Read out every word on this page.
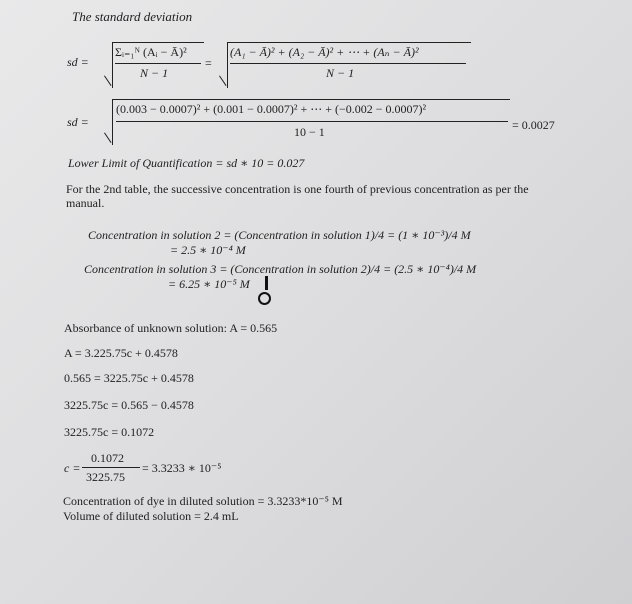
The standard deviation
sd =
Σᵢ₌₁ᴺ (Aᵢ − Ā)²
N − 1
=
(A₁ − Ā)² + (A₂ − Ā)² + ⋯ + (Aₙ − Ā)²
N − 1
sd =
(0.003 − 0.0007)² + (0.001 − 0.0007)² + ⋯ + (−0.002 − 0.0007)²
10 − 1	= 0.0027
Lower Limit of Quantification = sd ∗ 10 = 0.027
For the 2nd table, the successive concentration is one fourth of previous concentration as per the
manual.
Concentration in solution 2 = (Concentration in solution 1)/4 = (1 ∗ 10⁻³)/4 M
= 2.5 ∗ 10⁻⁴ M
Concentration in solution 3 = (Concentration in solution 2)/4 = (2.5 ∗ 10⁻⁴)/4 M
= 6.25 ∗ 10⁻⁵ M
Absorbance of unknown solution: A = 0.565
A = 3.225.75c + 0.4578
0.565 = 3225.75c + 0.4578
3225.75c = 0.565 − 0.4578
3225.75c = 0.1072
c =
0.1072
3225.75
= 3.3233 ∗ 10⁻⁵
Concentration of dye in diluted solution = 3.3233*10⁻⁵ M
Volume of diluted solution = 2.4 mL
